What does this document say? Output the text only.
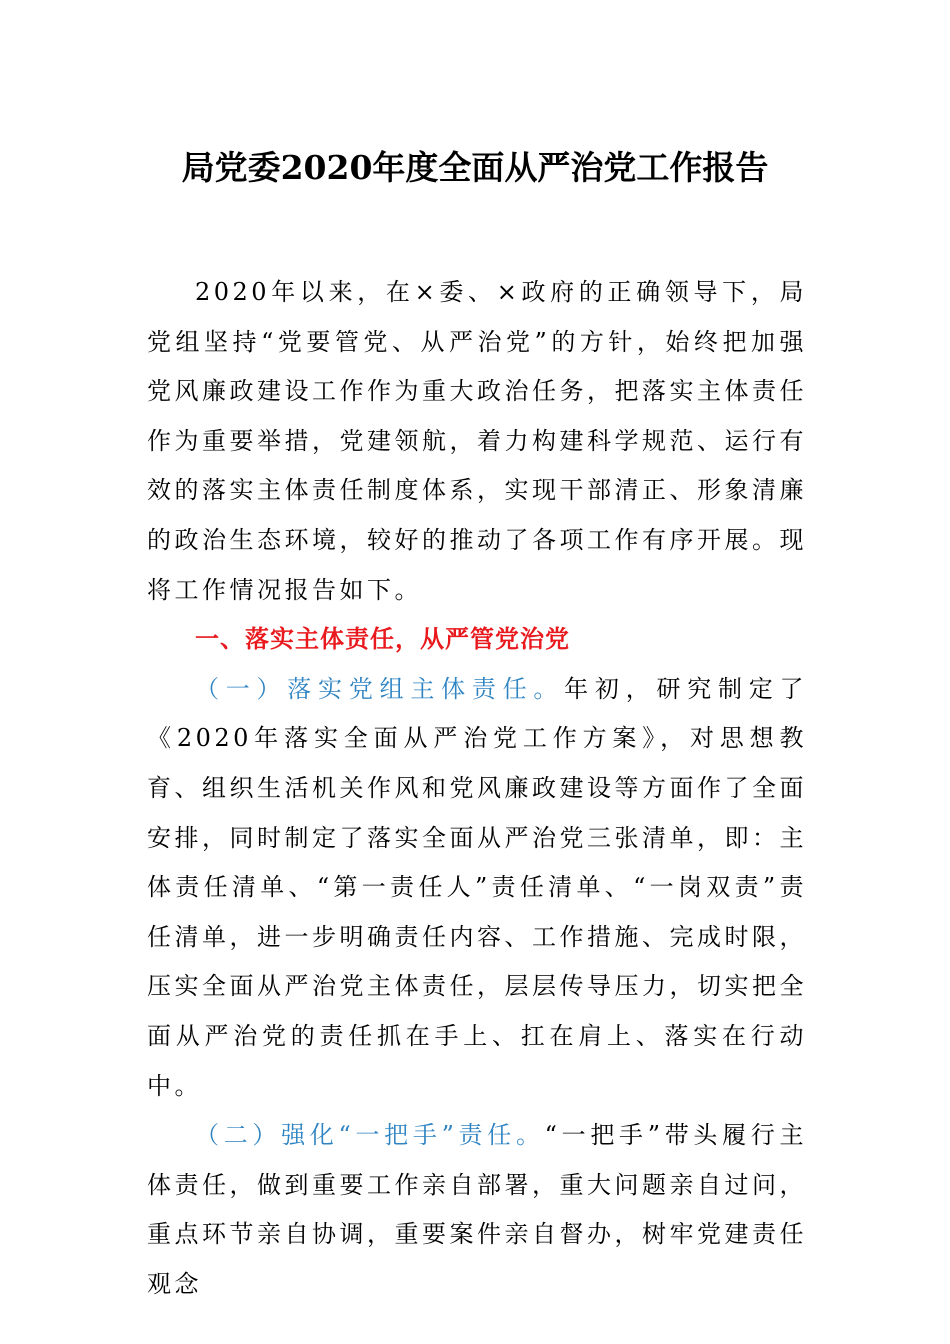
局党委2020年度全面从严治党工作报告

2020年以来，在×委、×政府的正确领导下，局党组坚持“党要管党、从严治党”的方针，始终把加强党风廉政建设工作作为重大政治任务，把落实主体责任作为重要举措，党建领航，着力构建科学规范、运行有效的落实主体责任制度体系，实现干部清正、形象清廉的政治生态环境，较好的推动了各项工作有序开展。现将工作情况报告如下。

一、落实主体责任，从严管党治党

（一）落实党组主体责任。年初，研究制定了《2020年落实全面从严治党工作方案》，对思想教育、组织生活机关作风和党风廉政建设等方面作了全面安排，同时制定了落实全面从严治党三张清单，即：主体责任清单、“第一责任人”责任清单、“一岗双责”责任清单，进一步明确责任内容、工作措施、完成时限，压实全面从严治党主体责任，层层传导压力，切实把全面从严治党的责任抓在手上、扛在肩上、落实在行动中。

（二）强化“一把手”责任。“一把手”带头履行主体责任，做到重要工作亲自部署，重大问题亲自过问，重点环节亲自协调，重要案件亲自督办，树牢党建责任观念
